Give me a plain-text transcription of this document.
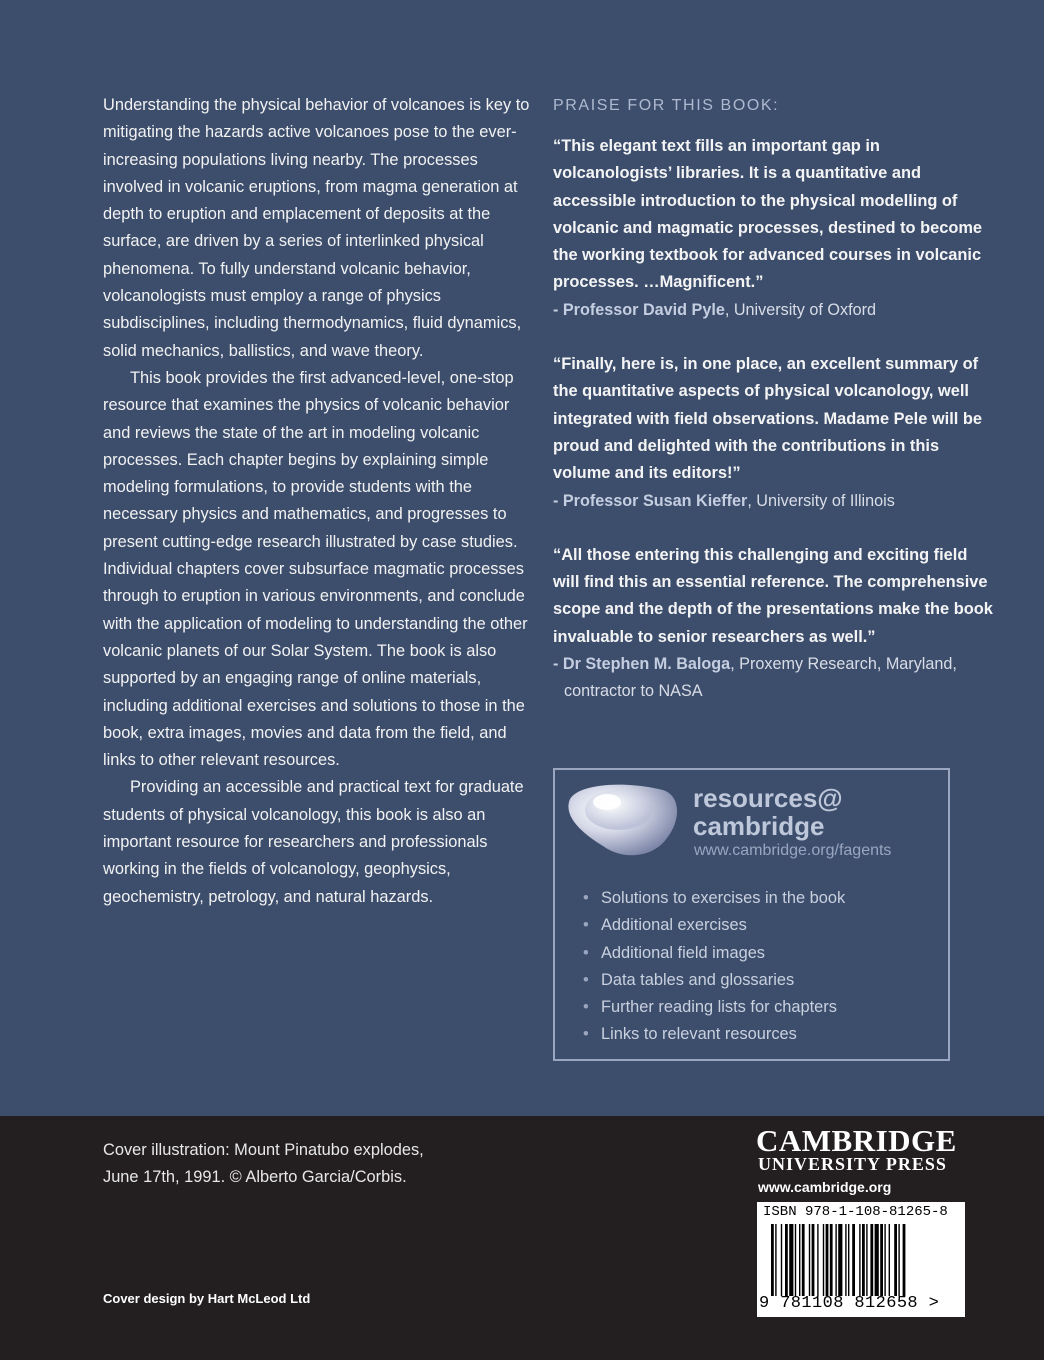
Understanding the physical behavior of volcanoes is key to mitigating the hazards active volcanoes pose to the ever-increasing populations living nearby. The processes involved in volcanic eruptions, from magma generation at depth to eruption and emplacement of deposits at the surface, are driven by a series of interlinked physical phenomena. To fully understand volcanic behavior, volcanologists must employ a range of physics subdisciplines, including thermodynamics, fluid dynamics, solid mechanics, ballistics, and wave theory.

This book provides the first advanced-level, one-stop resource that examines the physics of volcanic behavior and reviews the state of the art in modeling volcanic processes. Each chapter begins by explaining simple modeling formulations, to provide students with the necessary physics and mathematics, and progresses to present cutting-edge research illustrated by case studies. Individual chapters cover subsurface magmatic processes through to eruption in various environments, and conclude with the application of modeling to understanding the other volcanic planets of our Solar System. The book is also supported by an engaging range of online materials, including additional exercises and solutions to those in the book, extra images, movies and data from the field, and links to other relevant resources.

Providing an accessible and practical text for graduate students of physical volcanology, this book is also an important resource for researchers and professionals working in the fields of volcanology, geophysics, geochemistry, petrology, and natural hazards.

PRAISE FOR THIS BOOK:
“This elegant text fills an important gap in volcanologists’ libraries. It is a quantitative and accessible introduction to the physical modelling of volcanic and magmatic processes, destined to become the working textbook for advanced courses in volcanic processes. …Magnificent.”
- Professor David Pyle, University of Oxford
“Finally, here is, in one place, an excellent summary of the quantitative aspects of physical volcanology, well integrated with field observations. Madame Pele will be proud and delighted with the contributions in this volume and its editors!”
- Professor Susan Kieffer, University of Illinois
“All those entering this challenging and exciting field will find this an essential reference. The comprehensive scope and the depth of the presentations make the book invaluable to senior researchers as well.”
- Dr Stephen M. Baloga, Proxemy Research, Maryland,
contractor to NASA
resources@
cambridge
www.cambridge.org/fagents
• Solutions to exercises in the book
• Additional exercises
• Additional field images
• Data tables and glossaries
• Further reading lists for chapters
• Links to relevant resources
Cover illustration: Mount Pinatubo explodes, June 17th, 1991. © Alberto Garcia/Corbis.
Cover design by Hart McLeod Ltd
CAMBRIDGE
UNIVERSITY PRESS
www.cambridge.org
ISBN 978-1-108-81265-8
9 781108 812658 >
